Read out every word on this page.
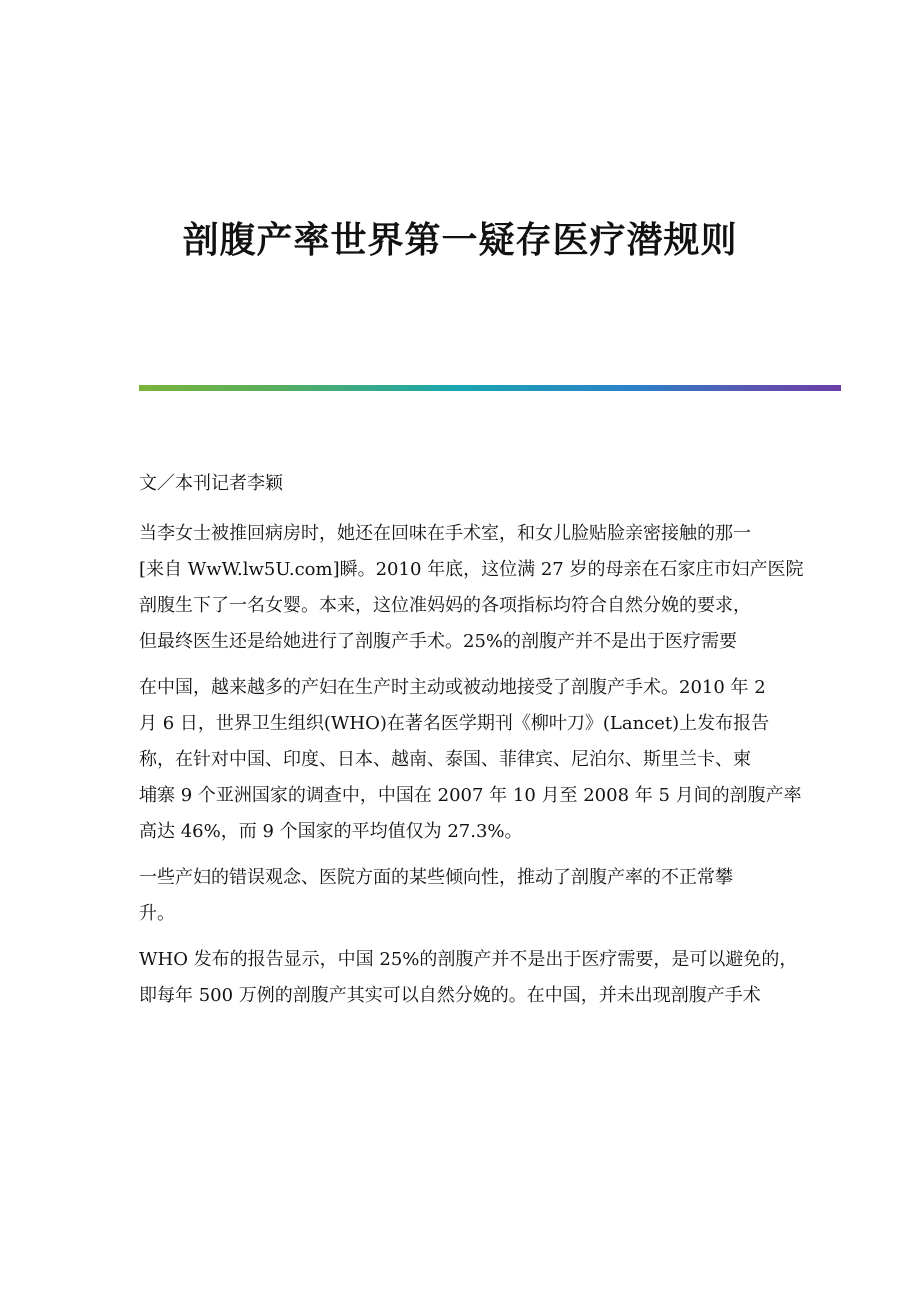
剖腹产率世界第一疑存医疗潜规则
文／本刊记者李颖
当李女士被推回病房时，她还在回味在手术室，和女儿脸贴脸亲密接触的那一
[来自 WwW.lw5U.com]瞬。2010 年底，这位满 27 岁的母亲在石家庄市妇产医院
剖腹生下了一名女婴。本来，这位准妈妈的各项指标均符合自然分娩的要求，
但最终医生还是给她进行了剖腹产手术。25%的剖腹产并不是出于医疗需要
在中国，越来越多的产妇在生产时主动或被动地接受了剖腹产手术。2010 年 2
月 6 日，世界卫生组织(WHO)在著名医学期刊《柳叶刀》(Lancet)上发布报告
称，在针对中国、印度、日本、越南、泰国、菲律宾、尼泊尔、斯里兰卡、柬
埔寨 9 个亚洲国家的调查中，中国在 2007 年 10 月至 2008 年 5 月间的剖腹产率
高达 46%，而 9 个国家的平均值仅为 27.3%。
一些产妇的错误观念、医院方面的某些倾向性，推动了剖腹产率的不正常攀
升。
WHO 发布的报告显示，中国 25%的剖腹产并不是出于医疗需要，是可以避免的，
即每年 500 万例的剖腹产其实可以自然分娩的。在中国，并未出现剖腹产手术
